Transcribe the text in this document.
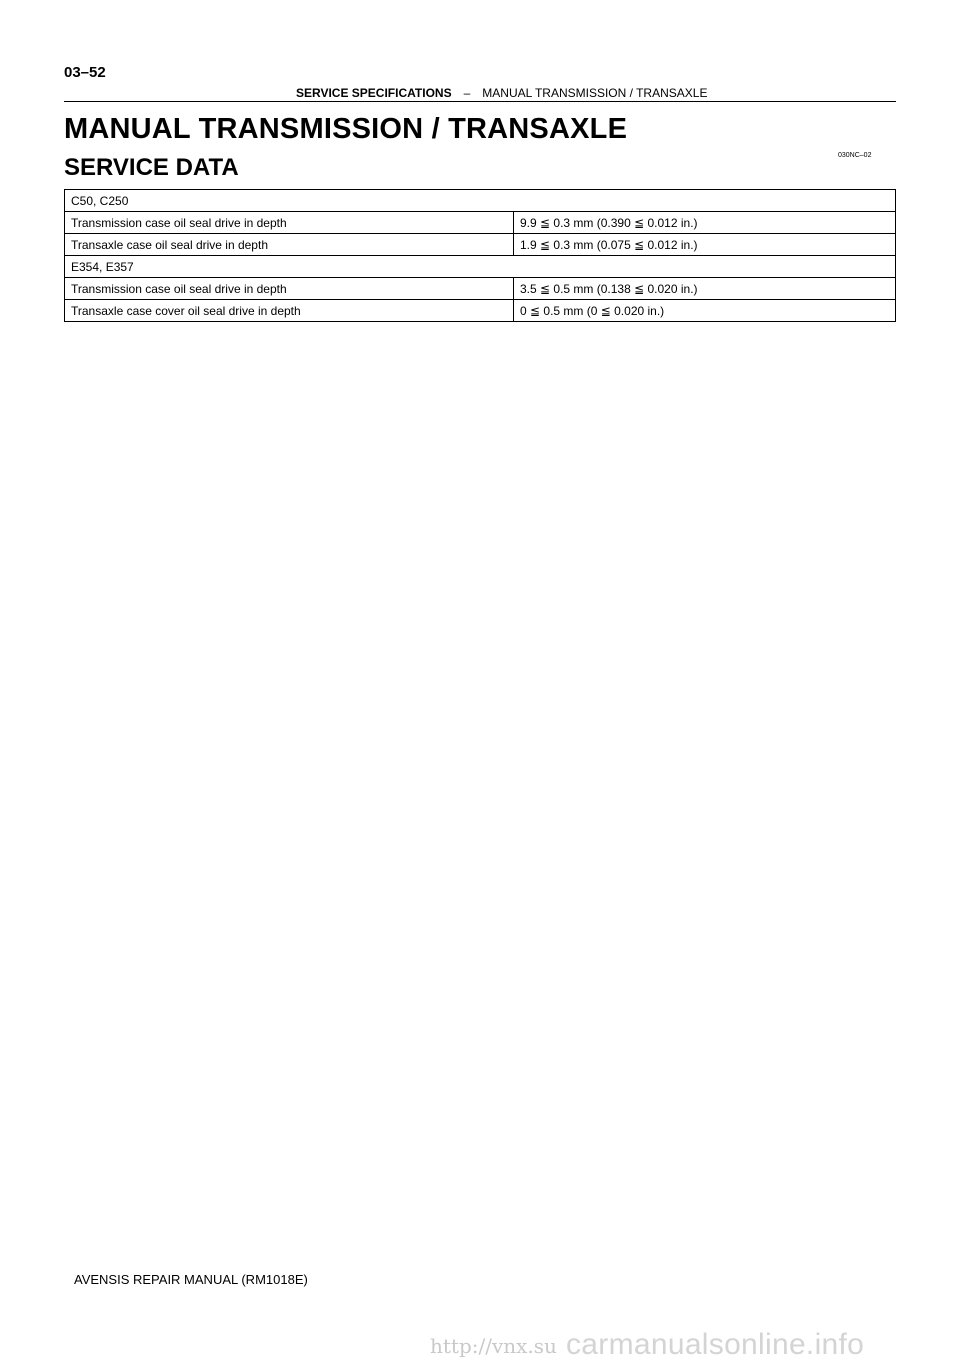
03–52
SERVICE SPECIFICATIONS – MANUAL TRANSMISSION / TRANSAXLE
MANUAL TRANSMISSION / TRANSAXLE
SERVICE DATA	030NC–02
C50, C250	
Transmission case oil seal drive in depth	9.9 ≦ 0.3 mm (0.390 ≦ 0.012 in.)
Transaxle case oil seal drive in depth	1.9 ≦ 0.3 mm (0.075 ≦ 0.012 in.)
E354, E357	
Transmission case oil seal drive in depth	3.5 ≦ 0.5 mm (0.138 ≦ 0.020 in.)
Transaxle case cover oil seal drive in depth	0 ≦ 0.5 mm (0 ≦ 0.020 in.)
AVENSIS REPAIR MANUAL (RM1018E)
http://vnx.su carmanualsonline.info
